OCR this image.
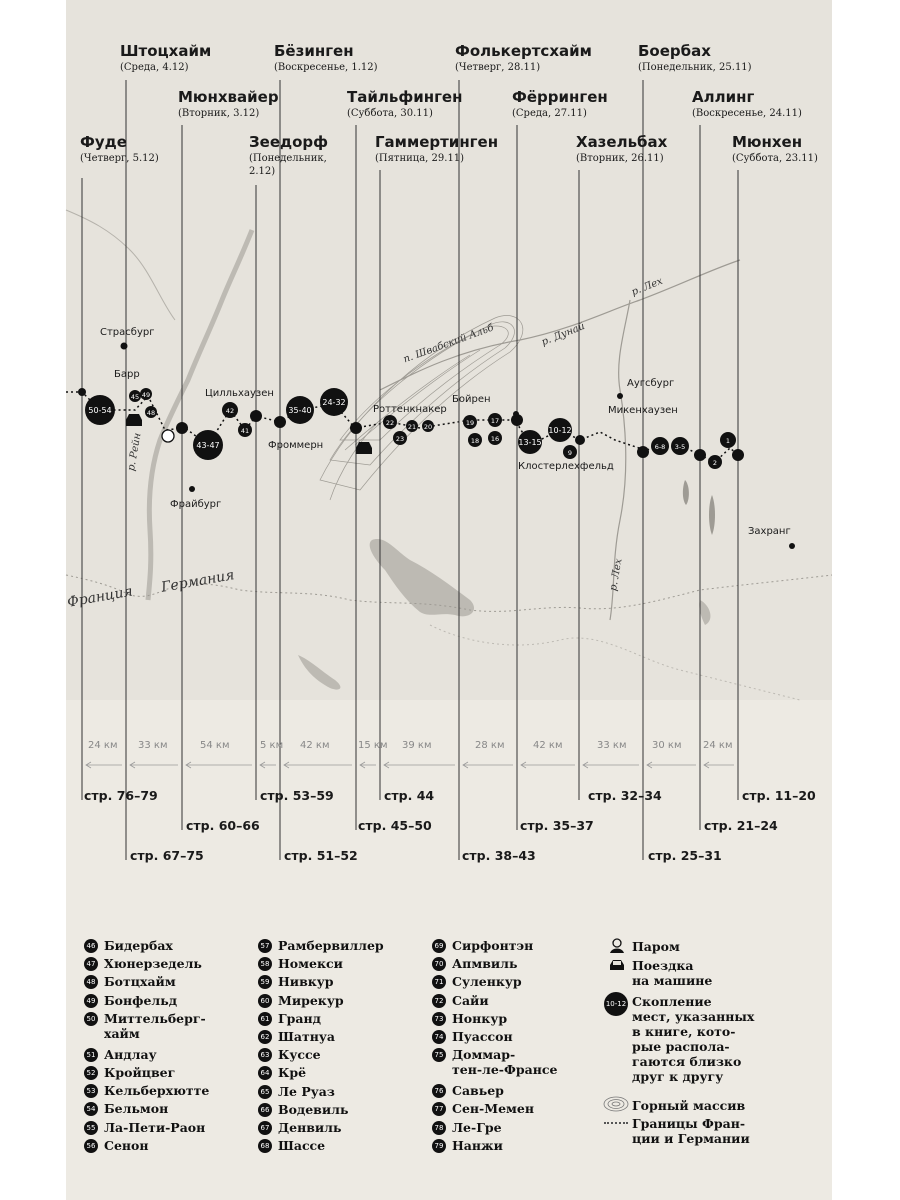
50-54
45 49
48
43-47
42
41
35-40
24-32
22
23
21 20	19
18
17
16 13-15
10-12
9
6-8 3-5
2
1
Штоцхайм
(Среда, 4.12)
Бёзинген
(Воскресенье, 1.12)
Фолькертсхайм
(Четверг, 28.11)
Боербах
(Понедельник, 25.11)
Мюнхвайер
(Вторник, 3.12)
Тайльфинген
(Суббота, 30.11)
Фёрринген
(Среда, 27.11)
Аллинг
(Воскресенье, 24.11)
Фуде
(Четверг, 5.12)
Зеедорф
(Понедельник,
2.12)
Гаммертинген
(Пятница, 29.11)
Хазельбах
(Вторник, 26.11)
Мюнхен
(Суббота, 23.11)
Страсбург
Барр
Цилльхаузен
Фроммерн
Роттенкнакер
Бойрен
Аугсбург
Микенхаузен
Клостерлехфельд
Фрайбург
Захранг
р. Рейн
р. Дунай
р. Лех
р. Лех
п. Швабский Альб
Франция
Германия
Паром
Поездка
на машине
10-12 Скопление
мест, указанных
в книге, кото-
рые распола-
гаются близко
друг к другу
Горный массив
Границы Фран-
ции и Германии
24 км 33 км	54 км	5 км 42 км	15 км 39 км	28 км	42 км	33 км	30 км 24 км
стр. 76–79
стр. 67–75
стр. 60–66
стр. 53–59
стр. 51–52
стр. 45–50
стр. 44
стр. 38–43
стр. 35–37
стр. 32–34
стр. 25–31
стр. 21–24
стр. 11–20
46 Бидербах
47 Хюнерзедель
48 Ботцхайм
49 Бонфельд
50 Миттельберг-
хайм
51 Андлау
52 Кройцвег
53 Кельберхютте
54 Бельмон
55 Ла-Пети-Раон
56 Сенон
57 Рамбервиллер
58 Номекси
59 Нивкур
60 Мирекур
61 Гранд
62 Шатнуа
63 Куссе
64 Крё
65 Ле Руаз
66 Водевиль
67 Денвиль
68 Шассе
69 Сирфонтэн
70 Апмвиль
71 Суленкур
72 Сайи
73 Нонкур
74 Пуассон
75 Доммар-
тен-ле-Франсе
76 Савьер
77 Сен-Мемен
78 Ле-Гре
79 Нанжи
